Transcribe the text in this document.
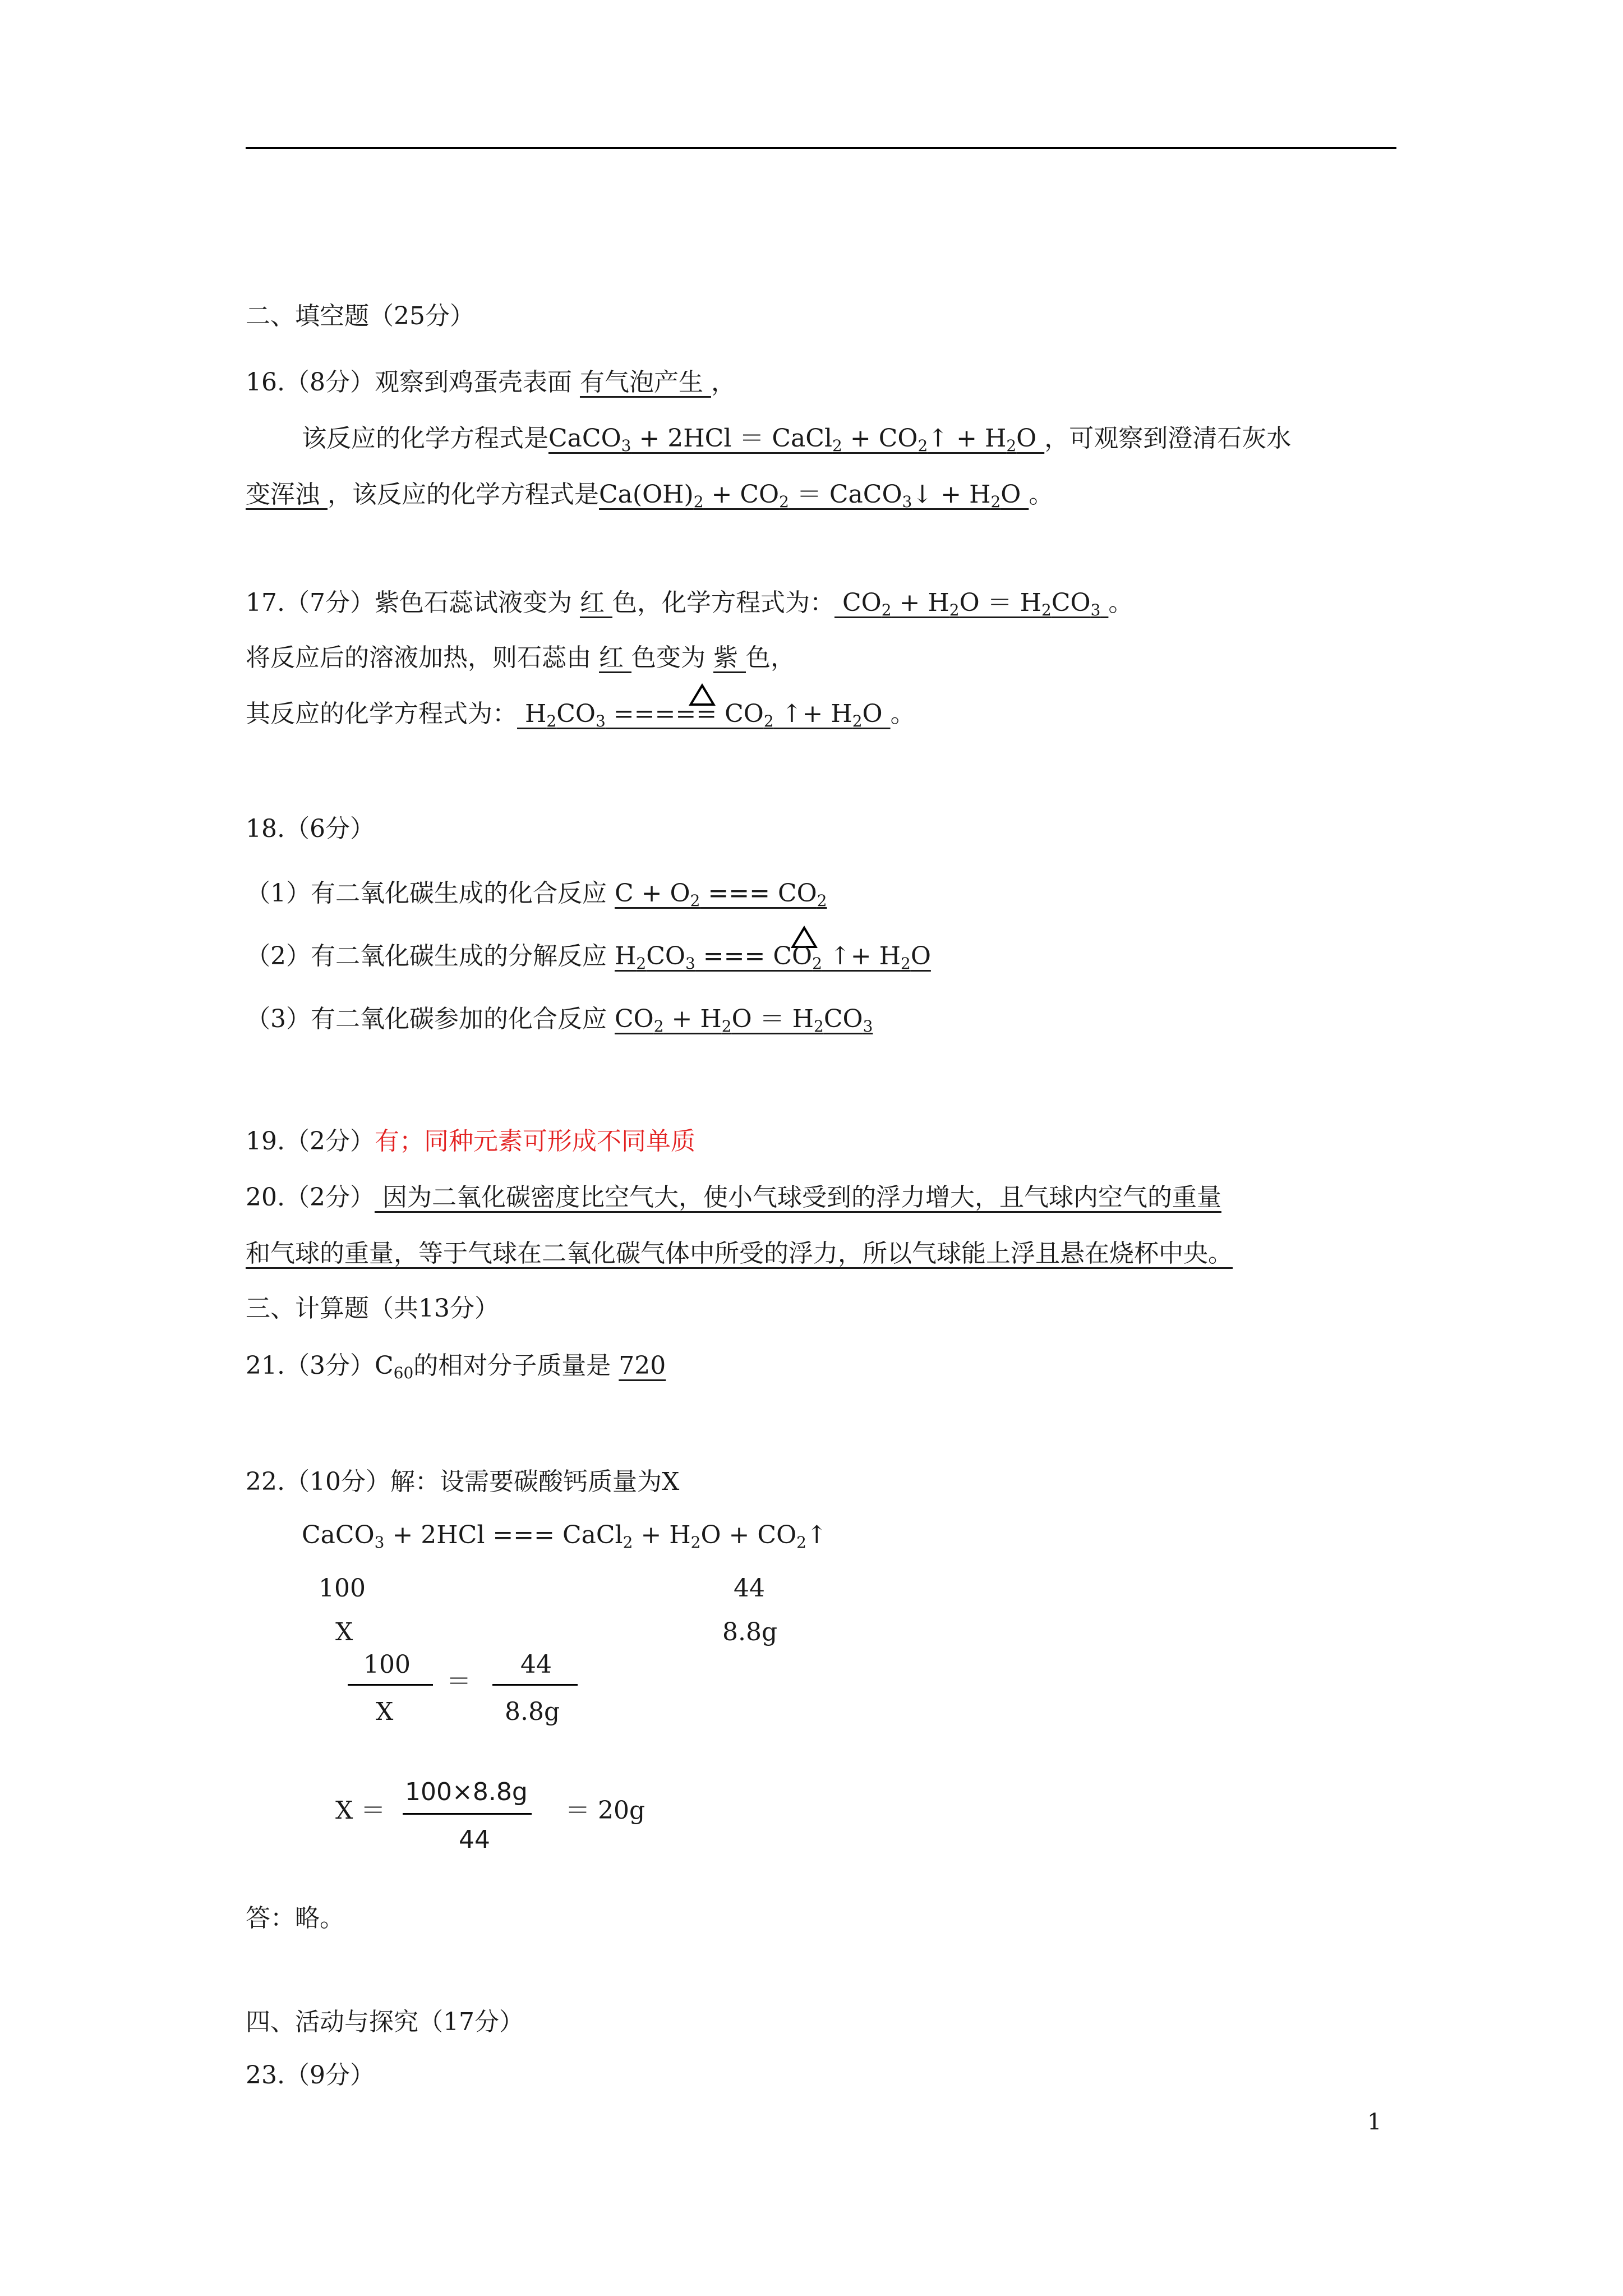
二、填空题（25分）
16.（8分）观察到鸡蛋壳表面 有气泡产生 ，
该反应的化学方程式是CaCO$_3$ + 2HCl ＝ CaCl$_2$ + $CO_2↑ + H_2O$ ，可观察到澄清石灰水
变浑浊 ，该反应的化学方程式是$Ca(OH)_2 + CO_2$ ＝ CaCO$_3$↓ + $H_2O$ 。
17.（7分）紫色石蕊试液变为 红 色，化学方程式为： $CO_2 + H_2O = H_2CO_3$ 。
将反应后的溶液加热，则石蕊由 红 色变为 紫 色，
其反应的化学方程式为： $H_2CO_3$ ===== $CO_2$ ↑+ $H_2O$ 。
18.（6分）
（1）有二氧化碳生成的化合反应 $C + O_2$ === $CO_2$
（2）有二氧化碳生成的分解反应 $H_2CO_3$ === $CO_2$ ↑+ $H_2O$
（3）有二氧化碳参加的化合反应 $CO_2 + H_2O = H_2CO_3$
19.（2分）有；同种元素可形成不同单质
20.（2分） 因为二氧化碳密度比空气大，使小气球受到的浮力增大，且气球内空气的重量
和气球的重量，等于气球在二氧化碳气体中所受的浮力，所以气球能上浮且悬在烧杯中央。
三、计算题（共13分）
21.（3分）$C_{60}$的相对分子质量是 720
22.（10分）解：设需要碳酸钙质量为X
CaCO$_3$ + 2HCl === CaCl$_2$ + $H_2O$ + $CO_2↑$
100	44
X	8.8g
100
X
＝
44
8.8g
X ＝
100×8.8g
44
＝ 20g
答：略。
四、活动与探究（17分）
23.（9分）
1
